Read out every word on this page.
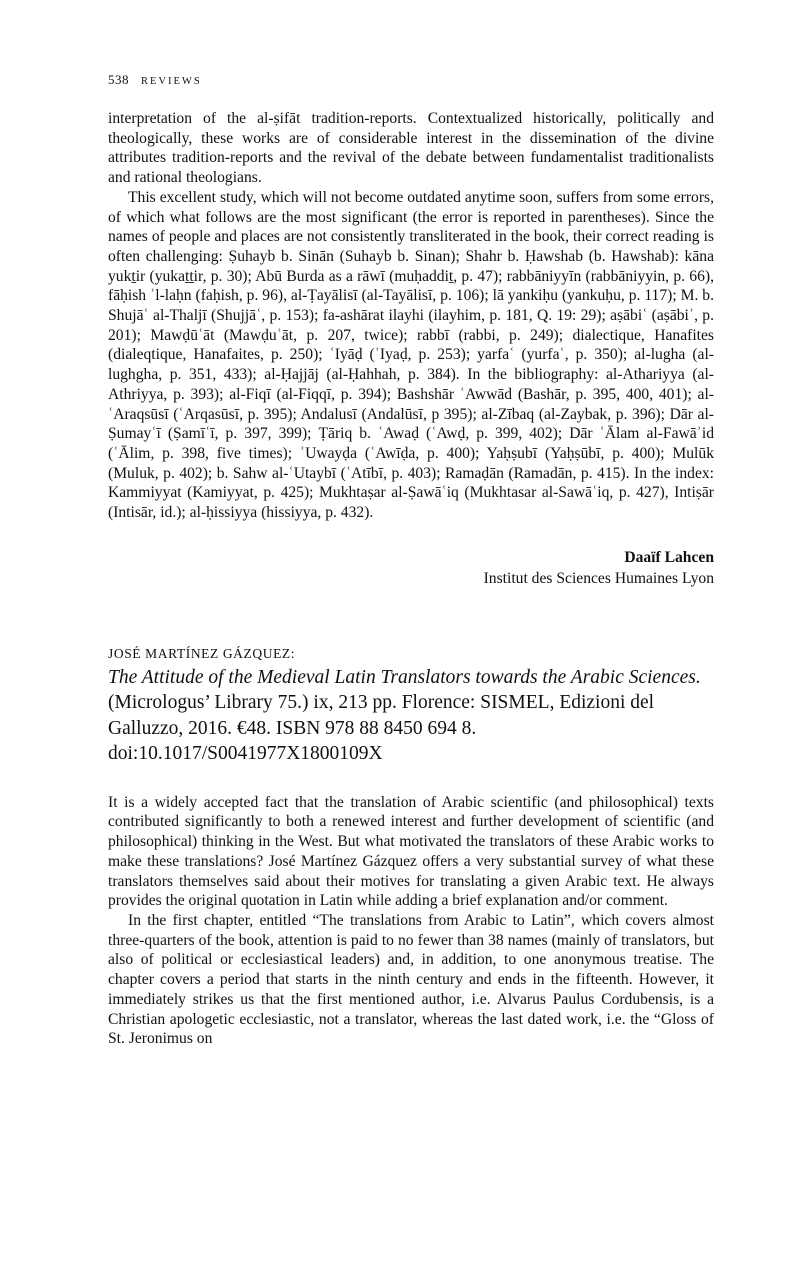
538 REVIEWS

interpretation of the al-ṣifāt tradition-reports. Contextualized historically, politically and theologically, these works are of considerable interest in the dissemination of the divine attributes tradition-reports and the revival of the debate between fundamentalist traditionalists and rational theologians.

This excellent study, which will not become outdated anytime soon, suffers from some errors, of which what follows are the most significant (the error is reported in parentheses). Since the names of people and places are not consistently transliterated in the book, their correct reading is often challenging: Ṣuhayb b. Sinān (Suhayb b. Sinan); Shahr b. Ḥawshab (b. Hawshab): kāna yukṯir (yukaṯṯir, p. 30); Abū Burda as a rāwī (muḥaddiṯ, p. 47); rabbāniyyīn (rabbāniyyin, p. 66), fāḥish ʾl-laḥn (faḥish, p. 96), al-Ṭayālisī (al-Tayālisī, p. 106); lā yankiḥu (yankuḥu, p. 117); M. b. Shujāʿ al-Thaljī (Shujjāʿ, p. 153); fa-ashārat ilayhi (ilayhim, p. 181, Q. 19: 29); aṣābiʿ (aṣābiʾ, p. 201); Mawḍūʿāt (Mawḍuʿāt, p. 207, twice); rabbī (rabbi, p. 249); dialectique, Hanafites (dialeqtique, Hanafaites, p. 250); ʿIyāḍ (ʿIyaḍ, p. 253); yarfaʿ (yurfaʿ, p. 350); al-lugha (al-lughgha, p. 351, 433); al-Ḥajjāj (al-Ḥahhah, p. 384). In the bibliography: al-Athariyya (al-Athriyya, p. 393); al-Fiqī (al-Fiqqī, p. 394); Bashshār ʿAwwād (Bashār, p. 395, 400, 401); al-ʿAraqsūsī (ʿArqasūsī, p. 395); Andalusī (Andalūsī, p 395); al-Zībaq (al-Zaybak, p. 396); Dār al-Ṣumayʿī (Ṣamīʿī, p. 397, 399); Ṭāriq b. ʿAwaḍ (ʿAwḍ, p. 399, 402); Dār ʿĀlam al-Fawāʾid (ʿĀlim, p. 398, five times); ʿUwayḍa (ʿAwīḍa, p. 400); Yaḥṣubī (Yaḥṣūbī, p. 400); Mulūk (Muluk, p. 402); b. Sahw al-ʿUtaybī (ʿAtībī, p. 403); Ramaḍān (Ramadān, p. 415). In the index: Kammiyyat (Kamiyyat, p. 425); Mukhtaṣar al-Ṣawāʿiq (Mukhtasar al-Sawāʿiq, p. 427), Intiṣār (Intisār, id.); al-ḥissiyya (hissiyya, p. 432).

Daaïf Lahcen
Institut des Sciences Humaines Lyon
JOSÉ MARTÍNEZ GÁZQUEZ:
The Attitude of the Medieval Latin Translators towards the Arabic Sciences.
(Micrologus’ Library 75.) ix, 213 pp. Florence: SISMEL, Edizioni del Galluzzo, 2016. €48. ISBN 978 88 8450 694 8.
doi:10.1017/S0041977X1800109X

It is a widely accepted fact that the translation of Arabic scientific (and philosophical) texts contributed significantly to both a renewed interest and further development of scientific (and philosophical) thinking in the West. But what motivated the translators of these Arabic works to make these translations? José Martínez Gázquez offers a very substantial survey of what these translators themselves said about their motives for translating a given Arabic text. He always provides the original quotation in Latin while adding a brief explanation and/or comment.

In the first chapter, entitled “The translations from Arabic to Latin”, which covers almost three-quarters of the book, attention is paid to no fewer than 38 names (mainly of translators, but also of political or ecclesiastical leaders) and, in addition, to one anonymous treatise. The chapter covers a period that starts in the ninth century and ends in the fifteenth. However, it immediately strikes us that the first mentioned author, i.e. Alvarus Paulus Cordubensis, is a Christian apologetic ecclesiastic, not a translator, whereas the last dated work, i.e. the “Gloss of St. Jeronimus on
